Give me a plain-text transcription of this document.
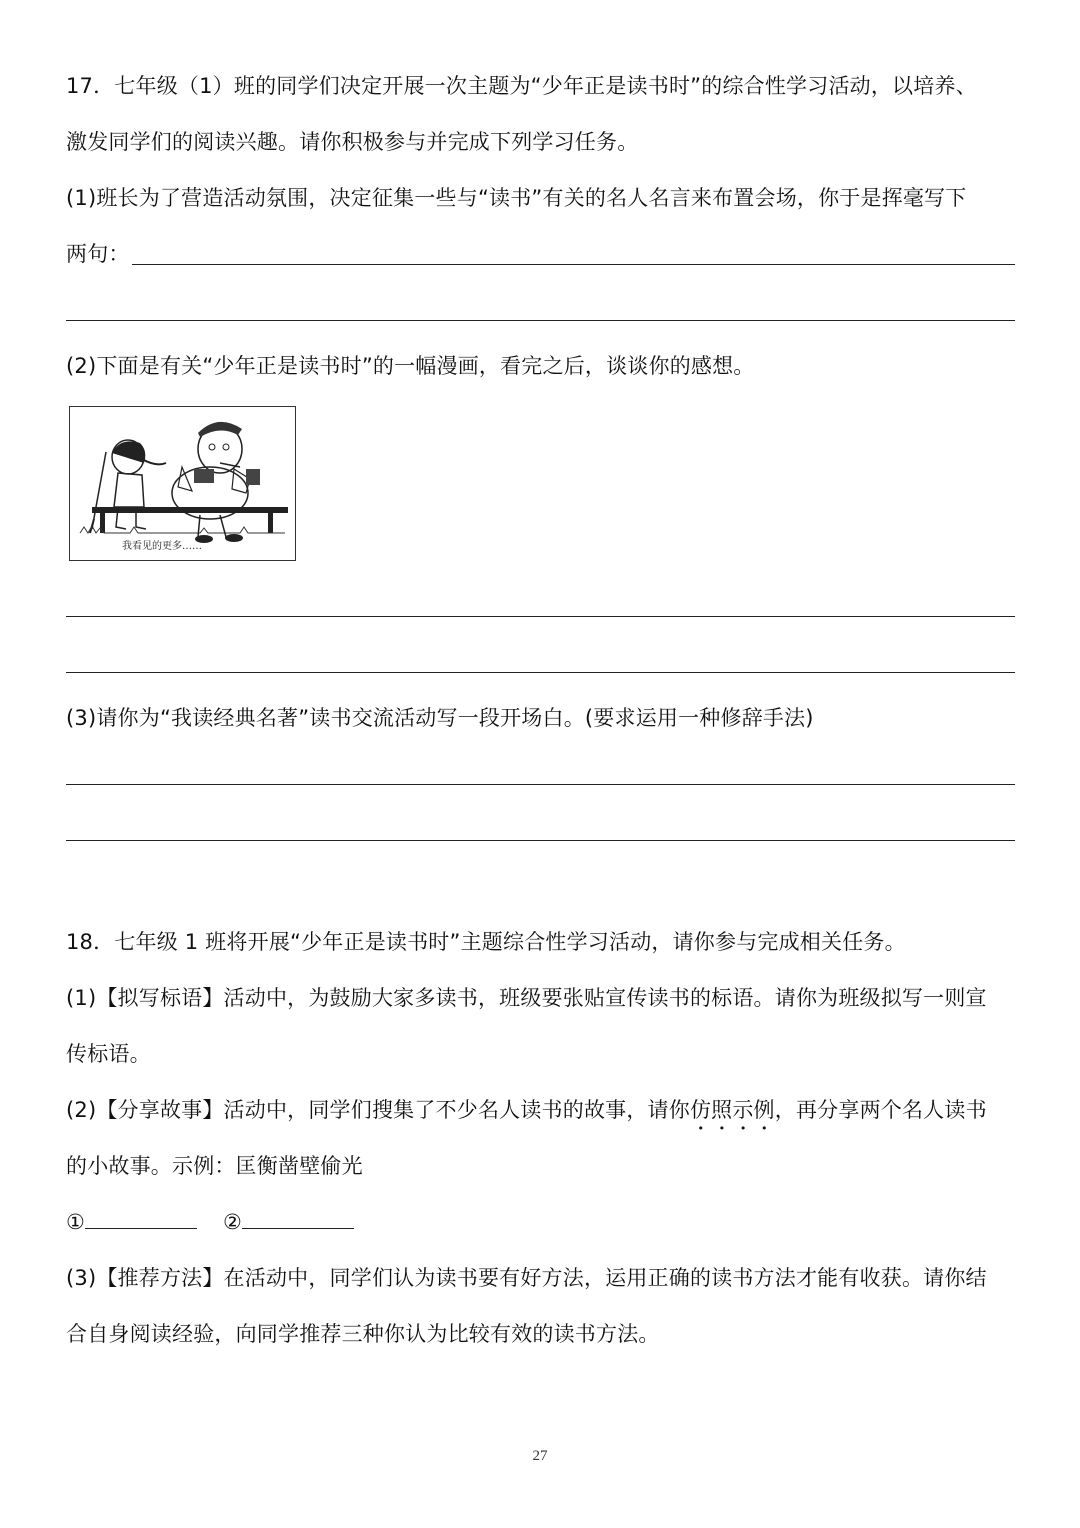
17．七年级（1）班的同学们决定开展一次主题为“少年正是读书时”的综合性学习活动，以培养、
激发同学们的阅读兴趣。请你积极参与并完成下列学习任务。
(1)班长为了营造活动氛围，决定征集一些与“读书”有关的名人名言来布置会场，你于是挥毫写下
两句：
(2)下面是有关“少年正是读书时”的一幅漫画，看完之后，谈谈你的感想。
我看见的更多……
(3)请你为“我读经典名著”读书交流活动写一段开场白。(要求运用一种修辞手法)
18．七年级 1 班将开展“少年正是读书时”主题综合性学习活动，请你参与完成相关任务。
(1)【拟写标语】活动中，为鼓励大家多读书，班级要张贴宣传读书的标语。请你为班级拟写一则宣
传标语。
(2)【分享故事】活动中，同学们搜集了不少名人读书的故事，请你仿照示例，再分享两个名人读书
的小故事。示例：匡衡凿壁偷光
①	②
(3)【推荐方法】在活动中，同学们认为读书要有好方法，运用正确的读书方法才能有收获。请你结
合自身阅读经验，向同学推荐三种你认为比较有效的读书方法。
27
